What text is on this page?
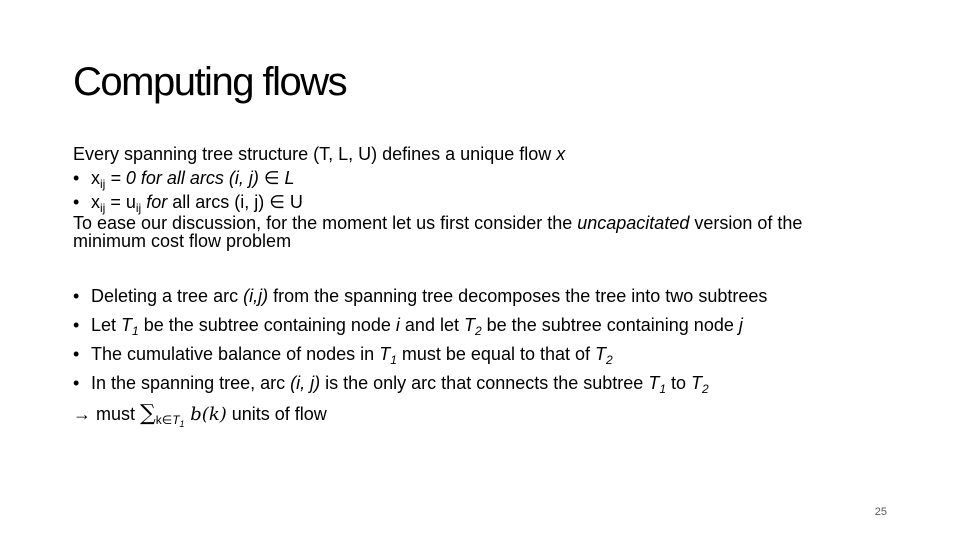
Computing flows

Every spanning tree structure (T, L, U) defines a unique flow x

• $x_{ij} = 0$ for all arcs (i, j) ∈ L

• $x_{ij} = u_{ij}$ for all arcs (i, j) ∈ U

To ease our discussion, for the moment let us first consider the uncapacitated version of the minimum cost flow problem

• Deleting a tree arc (i,j) from the spanning tree decomposes the tree into two subtrees

• Let $T_1$ be the subtree containing node i and let $T_2$ be the subtree containing node j

• The cumulative balance of nodes in $T_1$ must be equal to that of $T_2$

• In the spanning tree, arc (i, j) is the only arc that connects the subtree $T_1$ to $T_2$

→ must $\sum_{k\in T1}$ b(k) units of flow

25
